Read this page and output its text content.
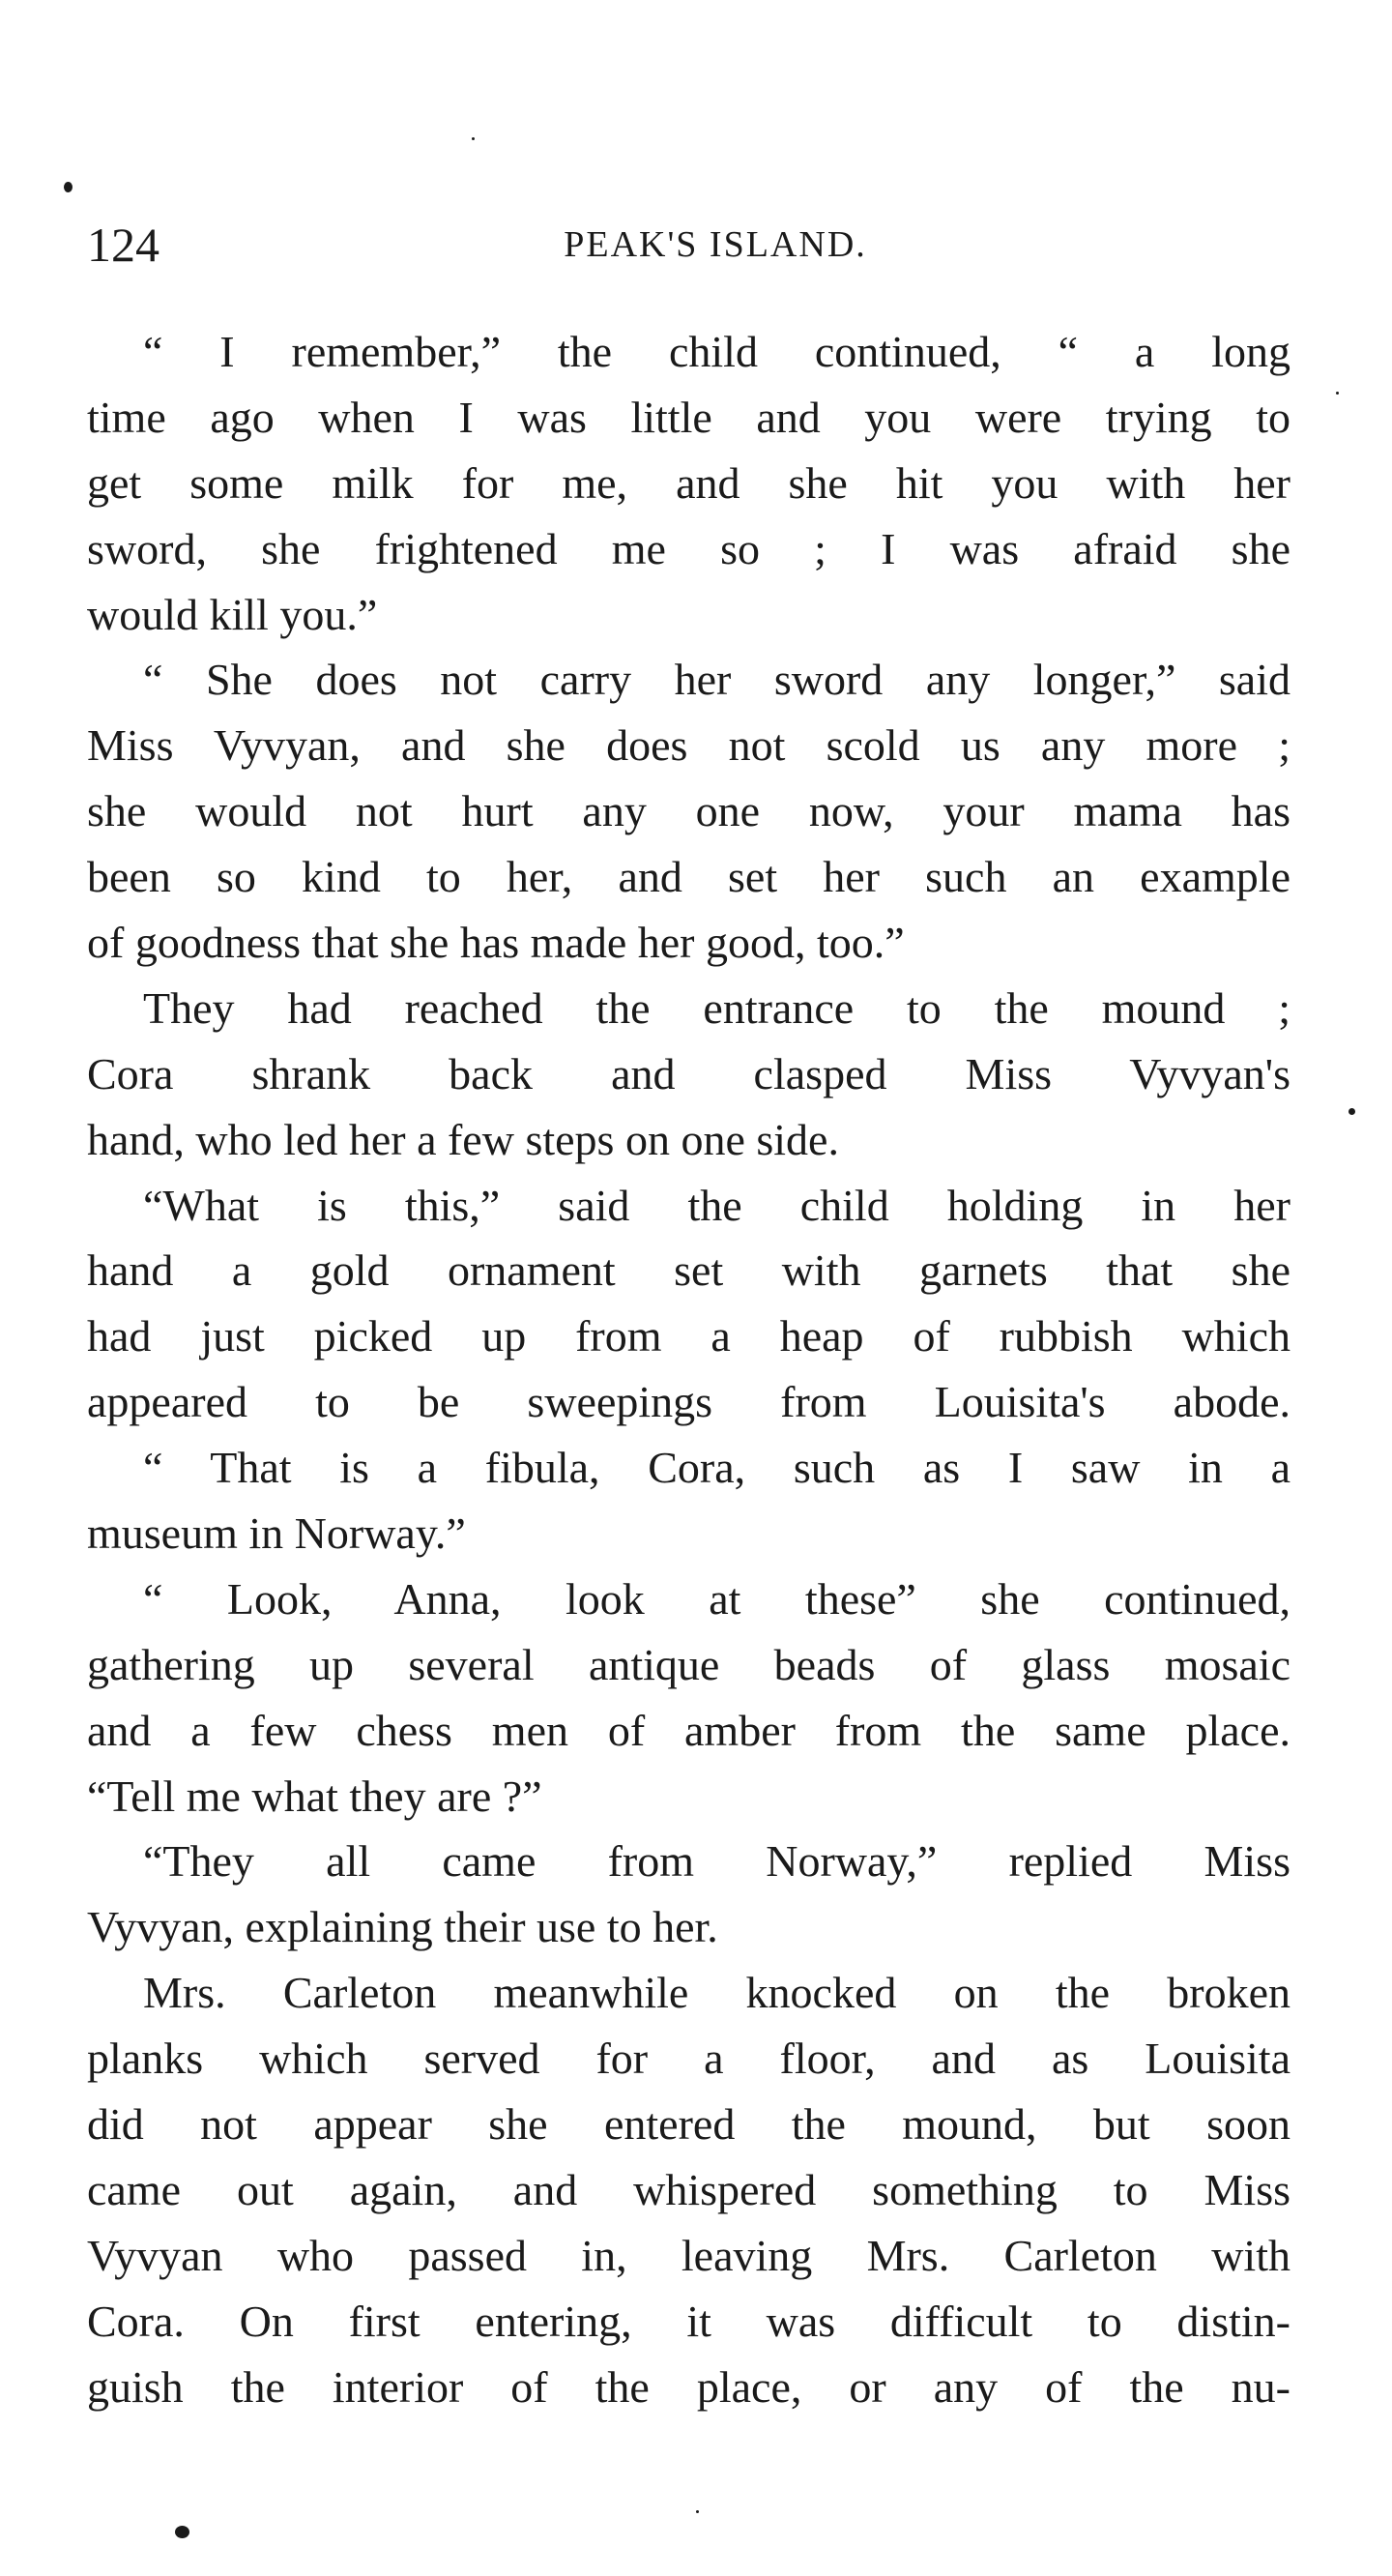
124	PEAK'S ISLAND.
“ I remember,” the child continued, “ a long
time ago when I was little and you were trying to
get some milk for me, and she hit you with her
sword, she frightened me so ; I was afraid she
would kill you.”
“ She does not carry her sword any longer,” said
Miss Vyvyan, and she does not scold us any more ;
she would not hurt any one now, your mama has
been so kind to her, and set her such an example
of goodness that she has made her good, too.”
They had reached the entrance to the mound ;
Cora shrank back and clasped Miss Vyvyan's
hand, who led her a few steps on one side.
“What is this,” said the child holding in her
hand a gold ornament set with garnets that she
had just picked up from a heap of rubbish which
appeared to be sweepings from Louisita's abode.
“ That is a fibula, Cora, such as I saw in a
museum in Norway.”
“ Look, Anna, look at these” she continued,
gathering up several antique beads of glass mosaic
and a few chess men of amber from the same place.
“Tell me what they are ?”
“They all came from Norway,” replied Miss
Vyvyan, explaining their use to her.
Mrs. Carleton meanwhile knocked on the broken
planks which served for a floor, and as Louisita
did not appear she entered the mound, but soon
came out again, and whispered something to Miss
Vyvyan who passed in, leaving Mrs. Carleton with
Cora. On first entering, it was difficult to distin-
guish the interior of the place, or any of the nu-
